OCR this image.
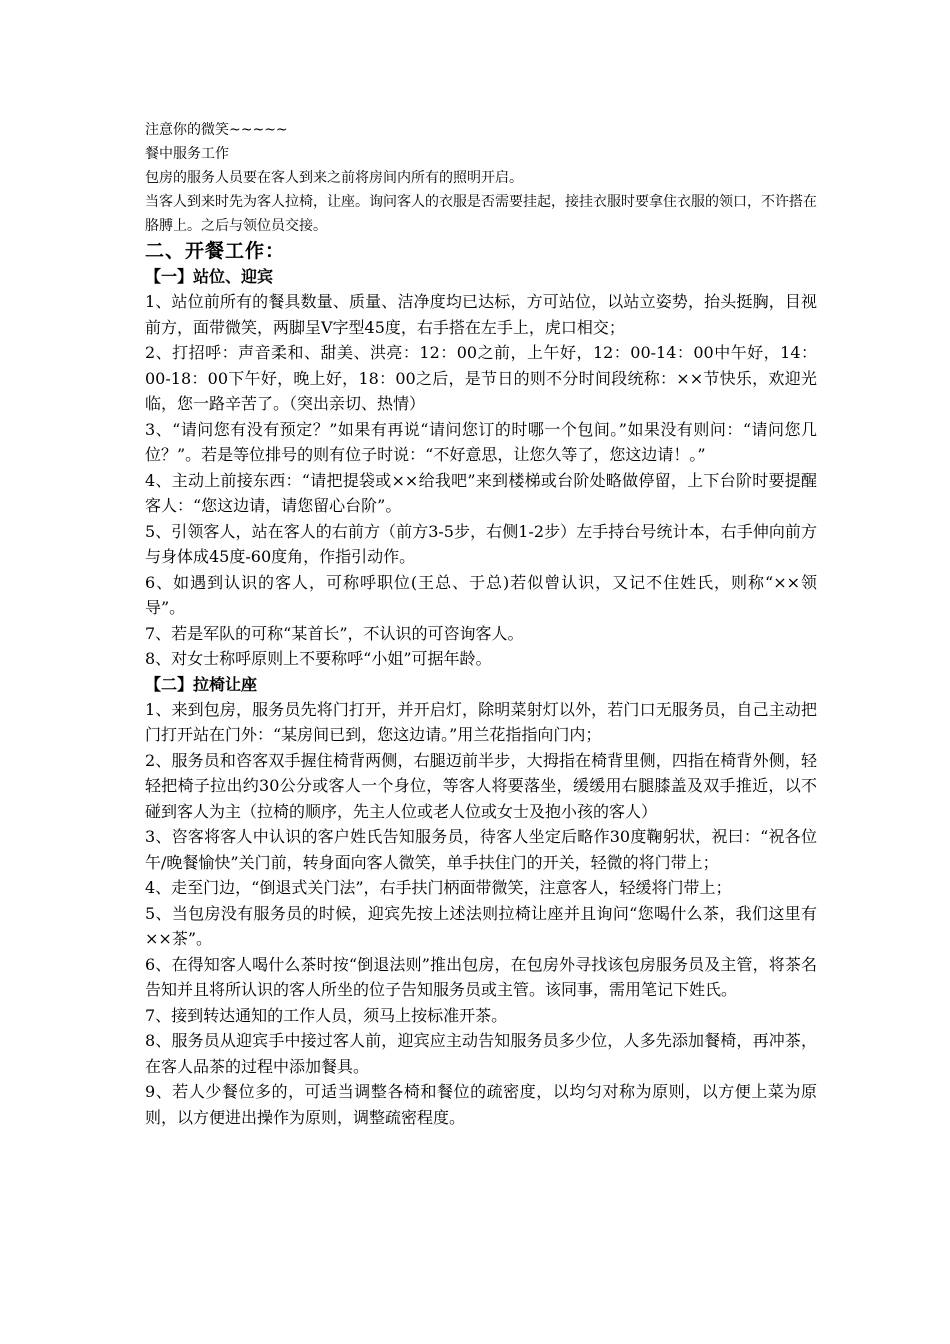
注意你的微笑~~~~~

餐中服务工作

包房的服务人员要在客人到来之前将房间内所有的照明开启。

当客人到来时先为客人拉椅，让座。询问客人的衣服是否需要挂起，接挂衣服时要拿住衣服的领口，不许搭在胳膊上。之后与领位员交接。

二、开餐工作：
【一】站位、迎宾

1、站位前所有的餐具数量、质量、洁净度均已达标，方可站位，以站立姿势，抬头挺胸，目视前方，面带微笑，两脚呈V字型45度，右手搭在左手上，虎口相交；

2、打招呼：声音柔和、甜美、洪亮：12：00之前，上午好，12：00-14：00中午好，14：00-18：00下午好，晚上好，18：00之后，是节日的则不分时间段统称：××节快乐，欢迎光临，您一路辛苦了。（突出亲切、热情）

3、“请问您有没有预定？”如果有再说“请问您订的时哪一个包间。”如果没有则问：“请问您几位？”。若是等位排号的则有位子时说：“不好意思，让您久等了，您这边请！。”

4、主动上前接东西：“请把提袋或××给我吧”来到楼梯或台阶处略做停留，上下台阶时要提醒客人：“您这边请，请您留心台阶”。

5、引领客人，站在客人的右前方（前方3-5步，右侧1-2步）左手持台号统计本，右手伸向前方与身体成45度-60度角，作指引动作。

6、如遇到认识的客人，可称呼职位(王总、于总)若似曾认识，又记不住姓氏，则称“××领导”。

7、若是军队的可称“某首长”，不认识的可咨询客人。

8、对女士称呼原则上不要称呼“小姐”可据年龄。

【二】拉椅让座

1、来到包房，服务员先将门打开，并开启灯，除明菜射灯以外，若门口无服务员，自己主动把门打开站在门外：“某房间已到，您这边请。”用兰花指指向门内；

2、服务员和咨客双手握住椅背两侧，右腿迈前半步，大拇指在椅背里侧，四指在椅背外侧，轻轻把椅子拉出约30公分或客人一个身位，等客人将要落坐，缓缓用右腿膝盖及双手推近，以不碰到客人为主（拉椅的顺序，先主人位或老人位或女士及抱小孩的客人）

3、咨客将客人中认识的客户姓氏告知服务员，待客人坐定后略作30度鞠躬状，祝曰：“祝各位午/晚餐愉快”关门前，转身面向客人微笑，单手扶住门的开关，轻微的将门带上；

4、走至门边，“倒退式关门法”，右手扶门柄面带微笑，注意客人，轻缓将门带上；

5、当包房没有服务员的时候，迎宾先按上述法则拉椅让座并且询问“您喝什么茶，我们这里有××茶”。

6、在得知客人喝什么茶时按“倒退法则”推出包房，在包房外寻找该包房服务员及主管，将茶名告知并且将所认识的客人所坐的位子告知服务员或主管。该同事，需用笔记下姓氏。

7、接到转达通知的工作人员，须马上按标准开茶。

8、服务员从迎宾手中接过客人前，迎宾应主动告知服务员多少位，人多先添加餐椅，再冲茶，在客人品茶的过程中添加餐具。

9、若人少餐位多的，可适当调整各椅和餐位的疏密度，以均匀对称为原则，以方便上菜为原则，以方便进出操作为原则，调整疏密程度。
